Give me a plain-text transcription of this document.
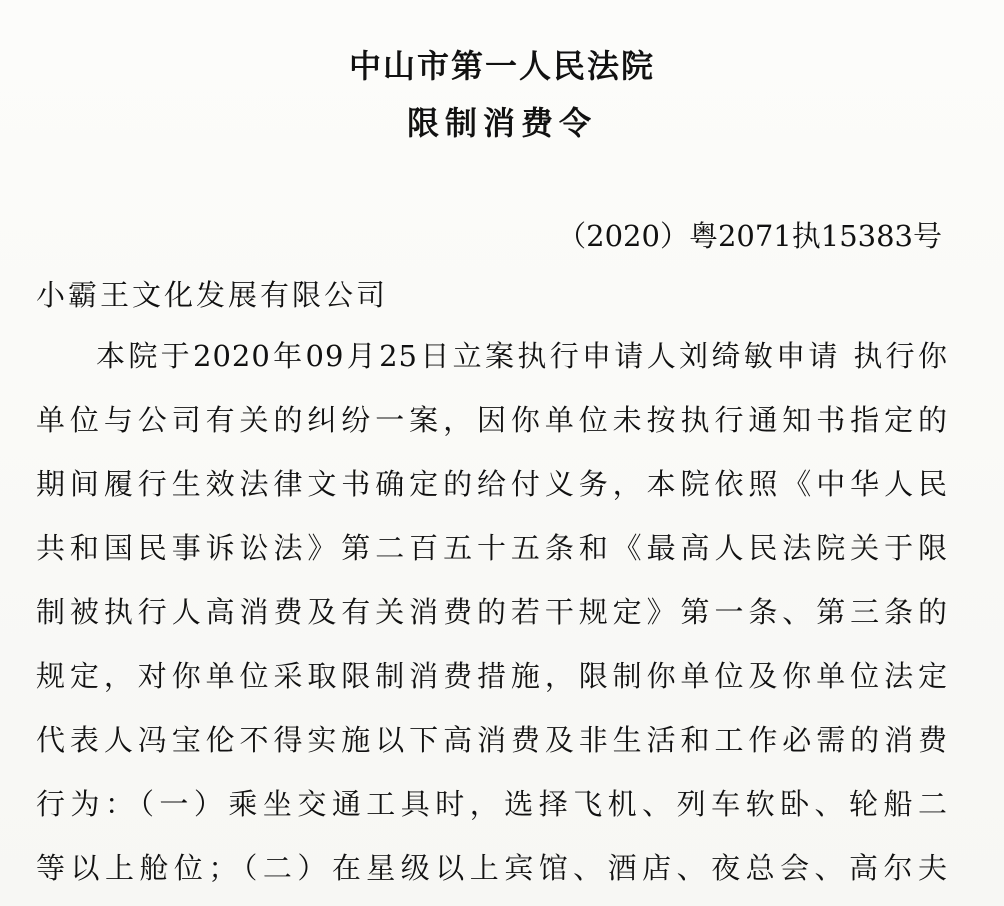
中山市第一人民法院
限制消费令
（2020）粤2071执15383号
小霸王文化发展有限公司
本院于2020年09月25日立案执行申请人刘绮敏申请 执行你
单位与公司有关的纠纷一案，因你单位未按执行通知书指定的
期间履行生效法律文书确定的给付义务，本院依照《中华人民
共和国民事诉讼法》第二百五十五条和《最高人民法院关于限
制被执行人高消费及有关消费的若干规定》第一条、第三条的
规定，对你单位采取限制消费措施，限制你单位及你单位法定
代表人冯宝伦不得实施以下高消费及非生活和工作必需的消费
行为：（一）乘坐交通工具时，选择飞机、列车软卧、轮船二
等以上舱位；（二）在星级以上宾馆、酒店、夜总会、高尔夫
